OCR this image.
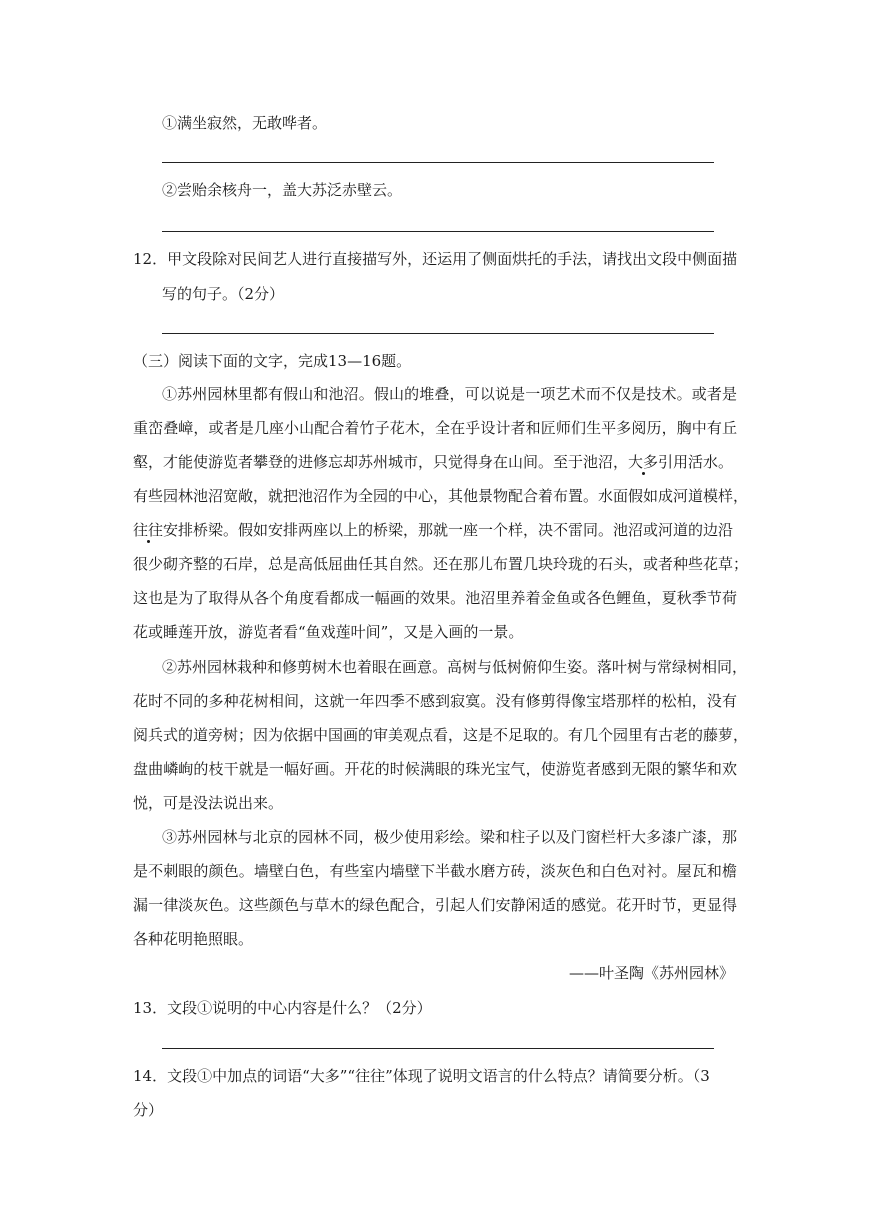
①满坐寂然，无敢哗者。
②尝贻余核舟一，盖大苏泛赤壁云。
12．甲文段除对民间艺人进行直接描写外，还运用了侧面烘托的手法，请找出文段中侧面描
写的句子。（2分）
（三）阅读下面的文字，完成13—16题。
①苏州园林里都有假山和池沼。假山的堆叠，可以说是一项艺术而不仅是技术。或者是
重峦叠嶂，或者是几座小山配合着竹子花木，全在乎设计者和匠师们生平多阅历，胸中有丘
壑，才能使游览者攀登的进修忘却苏州城市，只觉得身在山间。至于池沼，大多引用活水。
有些园林池沼宽敞，就把池沼作为全园的中心，其他景物配合着布置。水面假如成河道模样，
往往安排桥梁。假如安排两座以上的桥梁，那就一座一个样，决不雷同。池沼或河道的边沿
很少砌齐整的石岸，总是高低屈曲任其自然。还在那儿布置几块玲珑的石头，或者种些花草；
这也是为了取得从各个角度看都成一幅画的效果。池沼里养着金鱼或各色鲤鱼，夏秋季节荷
花或睡莲开放，游览者看“鱼戏莲叶间”，又是入画的一景。
②苏州园林栽种和修剪树木也着眼在画意。高树与低树俯仰生姿。落叶树与常绿树相同，
花时不同的多种花树相间，这就一年四季不感到寂寞。没有修剪得像宝塔那样的松柏，没有
阅兵式的道旁树；因为依据中国画的审美观点看，这是不足取的。有几个园里有古老的藤萝，
盘曲嶙峋的枝干就是一幅好画。开花的时候满眼的珠光宝气，使游览者感到无限的繁华和欢
悦，可是没法说出来。
③苏州园林与北京的园林不同，极少使用彩绘。梁和柱子以及门窗栏杆大多漆广漆，那
是不刺眼的颜色。墙壁白色，有些室内墙壁下半截水磨方砖，淡灰色和白色对衬。屋瓦和檐
漏一律淡灰色。这些颜色与草木的绿色配合，引起人们安静闲适的感觉。花开时节，更显得
各种花明艳照眼。
——叶圣陶《苏州园林》
13．文段①说明的中心内容是什么？（2分）
14．文段①中加点的词语“大多”“往往”体现了说明文语言的什么特点？请简要分析。（3
分）
